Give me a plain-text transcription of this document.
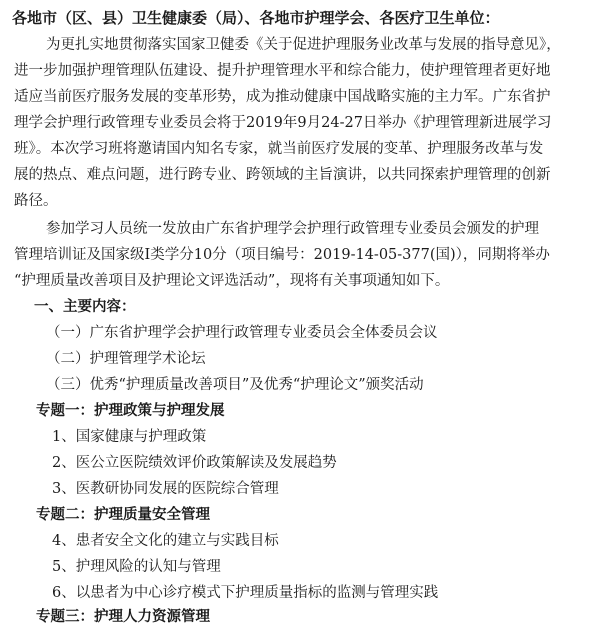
各地市（区、县）卫生健康委（局）、各地市护理学会、各医疗卫生单位：
为更扎实地贯彻落实国家卫健委《关于促进护理服务业改革与发展的指导意见》，
进一步加强护理管理队伍建设、提升护理管理水平和综合能力，使护理管理者更好地
适应当前医疗服务发展的变革形势，成为推动健康中国战略实施的主力军。广东省护
理学会护理行政管理专业委员会将于2019年9月24-27日举办《护理管理新进展学习
班》。本次学习班将邀请国内知名专家，就当前医疗发展的变革、护理服务改革与发
展的热点、难点问题，进行跨专业、跨领域的主旨演讲，以共同探索护理管理的创新
路径。
参加学习人员统一发放由广东省护理学会护理行政管理专业委员会颁发的护理
管理培训证及国家级Ⅰ类学分10分（项目编号：2019-14-05-377(国)），同期将举办
“护理质量改善项目及护理论文评选活动”，现将有关事项通知如下。
一、主要内容：
（一）广东省护理学会护理行政管理专业委员会全体委员会议
（二）护理管理学术论坛
（三）优秀“护理质量改善项目”及优秀“护理论文”颁奖活动
专题一：护理政策与护理发展
1、国家健康与护理政策
2、医公立医院绩效评价政策解读及发展趋势
3、医教研协同发展的医院综合管理
专题二：护理质量安全管理
4、患者安全文化的建立与实践目标
5、护理风险的认知与管理
6、以患者为中心诊疗模式下护理质量指标的监测与管理实践
专题三：护理人力资源管理
